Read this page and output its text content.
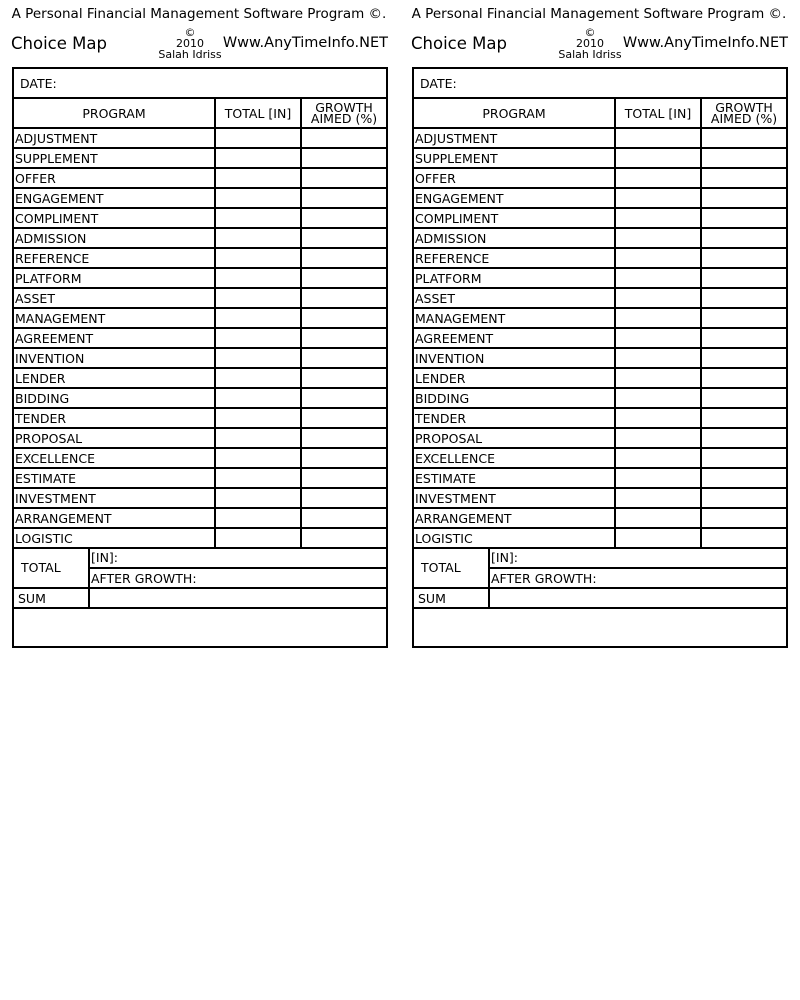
A Personal Financial Management Software Program ©.
Choice Map
©
2010
Salah Idriss
Www.AnyTimeInfo.NET
DATE:
PROGRAM	TOTAL [IN]	GROWTH
AIMED (%)
ADJUSTMENT
SUPPLEMENT
OFFER
ENGAGEMENT
COMPLIMENT
ADMISSION
REFERENCE
PLATFORM
ASSET
MANAGEMENT
AGREEMENT
INVENTION
LENDER
BIDDING
TENDER
PROPOSAL
EXCELLENCE
ESTIMATE
INVESTMENT
ARRANGEMENT
LOGISTIC
TOTAL
[IN]:
AFTER GROWTH:
SUM
A Personal Financial Management Software Program ©.
Choice Map
©
2010
Salah Idriss
Www.AnyTimeInfo.NET
DATE:
PROGRAM	TOTAL [IN]	GROWTH
AIMED (%)
ADJUSTMENT
SUPPLEMENT
OFFER
ENGAGEMENT
COMPLIMENT
ADMISSION
REFERENCE
PLATFORM
ASSET
MANAGEMENT
AGREEMENT
INVENTION
LENDER
BIDDING
TENDER
PROPOSAL
EXCELLENCE
ESTIMATE
INVESTMENT
ARRANGEMENT
LOGISTIC
TOTAL
[IN]:
AFTER GROWTH:
SUM
